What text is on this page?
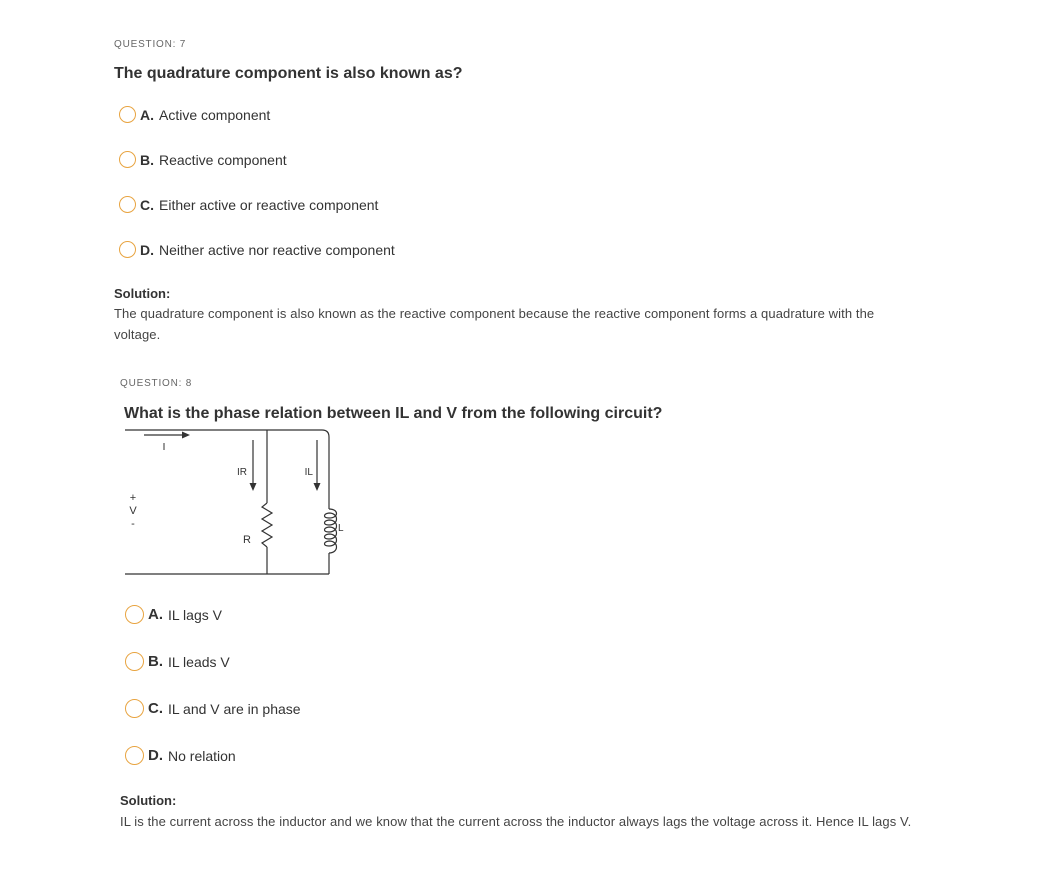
QUESTION: 7
The quadrature component is also known as?
A. Active component
B. Reactive component
C. Either active or reactive component
D. Neither active nor reactive component
Solution:
The quadrature component is also known as the reactive component because the reactive component forms a quadrature with the voltage.
QUESTION: 8
What is the phase relation between IL and V from the following circuit?
IR	IL
R
L
+
V
-
A. IL lags V
B. IL leads V
C. IL and V are in phase
D. No relation
Solution:
IL is the current across the inductor and we know that the current across the inductor always lags the voltage across it. Hence IL lags V.
